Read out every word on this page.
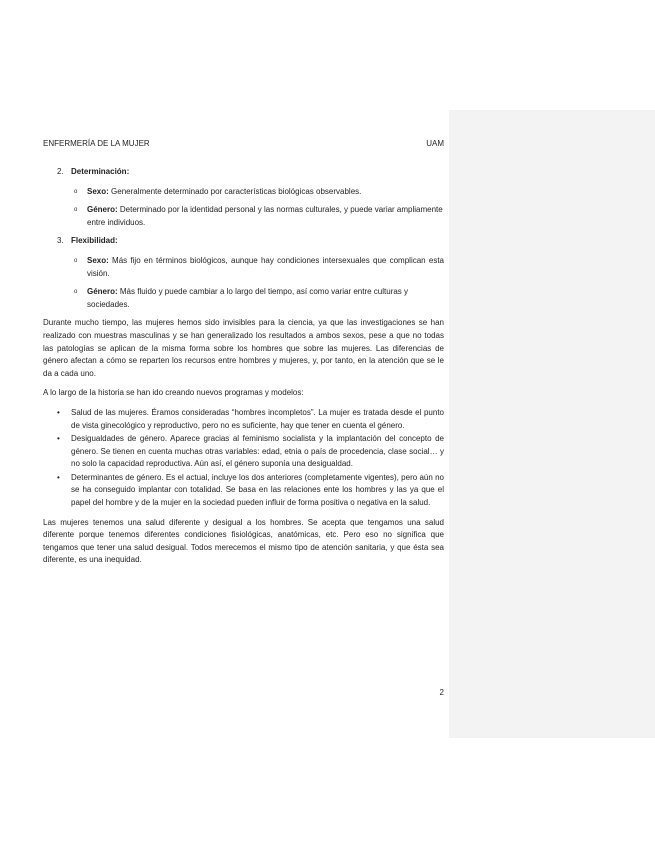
ENFERMERÍA DE LA MUJER	UAM
2. Determinación:
o Sexo: Generalmente determinado por características biológicas observables.
o Género: Determinado por la identidad personal y las normas culturales, y puede variar ampliamente entre individuos.
3. Flexibilidad:
o Sexo: Más fijo en términos biológicos, aunque hay condiciones intersexuales que complican esta visión.
o Género: Más fluido y puede cambiar a lo largo del tiempo, así como variar entre culturas y sociedades.

Durante mucho tiempo, las mujeres hemos sido invisibles para la ciencia, ya que las investigaciones se han realizado con muestras masculinas y se han generalizado los resultados a ambos sexos, pese a que no todas las patologías se aplican de la misma forma sobre los hombres que sobre las mujeres. Las diferencias de género afectan a cómo se reparten los recursos entre hombres y mujeres, y, por tanto, en la atención que se le da a cada uno.

A lo largo de la historia se han ido creando nuevos programas y modelos:

• Salud de las mujeres. Éramos consideradas “hombres incompletos”. La mujer es tratada desde el punto de vista ginecológico y reproductivo, pero no es suficiente, hay que tener en cuenta el género.
• Desigualdades de género. Aparece gracias al feminismo socialista y la implantación del concepto de género. Se tienen en cuenta muchas otras variables: edad, etnia o país de procedencia, clase social… y no solo la capacidad reproductiva. Aún así, el género suponía una desigualdad.
• Determinantes de género. Es el actual, incluye los dos anteriores (completamente vigentes), pero aún no se ha conseguido implantar con totalidad. Se basa en las relaciones ente los hombres y las ya que el papel del hombre y de la mujer en la sociedad pueden influir de forma positiva o negativa en la salud.

Las mujeres tenemos una salud diferente y desigual a los hombres. Se acepta que tengamos una salud diferente porque tenemos diferentes condiciones fisiológicas, anatómicas, etc. Pero eso no significa que tengamos que tener una salud desigual. Todos merecemos el mismo tipo de atención sanitaria, y que ésta sea diferente, es una inequidad.

2
